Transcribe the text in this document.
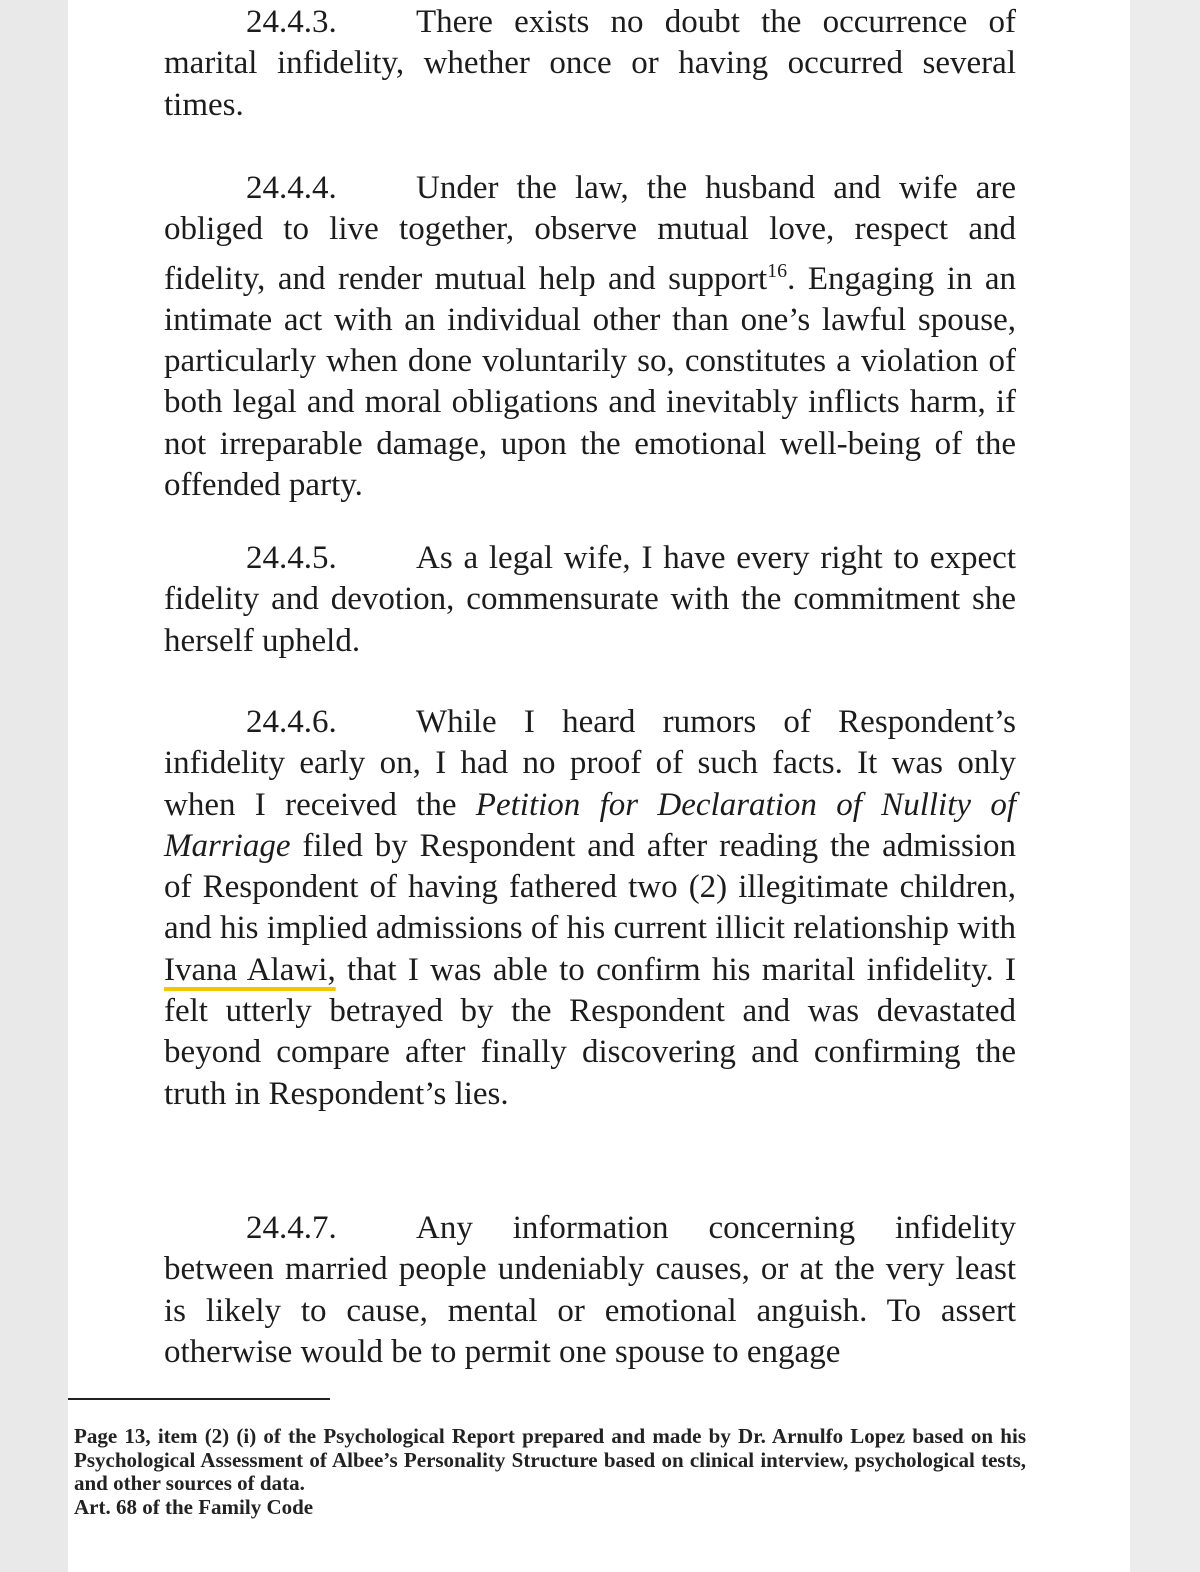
24.4.3. There exists no doubt the occurrence of marital infidelity, whether once or having occurred several times.
24.4.4. Under the law, the husband and wife are obliged to live together, observe mutual love, respect and fidelity, and render mutual help and support$^{16}$. Engaging in an intimate act with an individual other than one’s lawful spouse, particularly when done voluntarily so, constitutes a violation of both legal and moral obligations and inevitably inflicts harm, if not irreparable damage, upon the emotional well-being of the offended party.
24.4.5. As a legal wife, I have every right to expect fidelity and devotion, commensurate with the commitment she herself upheld.
24.4.6. While I heard rumors of Respondent’s infidelity early on, I had no proof of such facts. It was only when I received the Petition for Declaration of Nullity of Marriage filed by Respondent and after reading the admission of Respondent of having fathered two (2) illegitimate children, and his implied admissions of his current illicit relationship with Ivana Alawi, that I was able to confirm his marital infidelity. I felt utterly betrayed by the Respondent and was devastated beyond compare after finally discovering and confirming the truth in Respondent’s lies.
24.4.7. Any information concerning infidelity between married people undeniably causes, or at the very least is likely to cause, mental or emotional anguish. To assert otherwise would be to permit one spouse to engage

Page 13, item (2) (i) of the Psychological Report prepared and made by Dr. Arnulfo Lopez based on his Psychological Assessment of Albee’s Personality Structure based on clinical interview, psychological tests, and other sources of data.

Art. 68 of the Family Code
